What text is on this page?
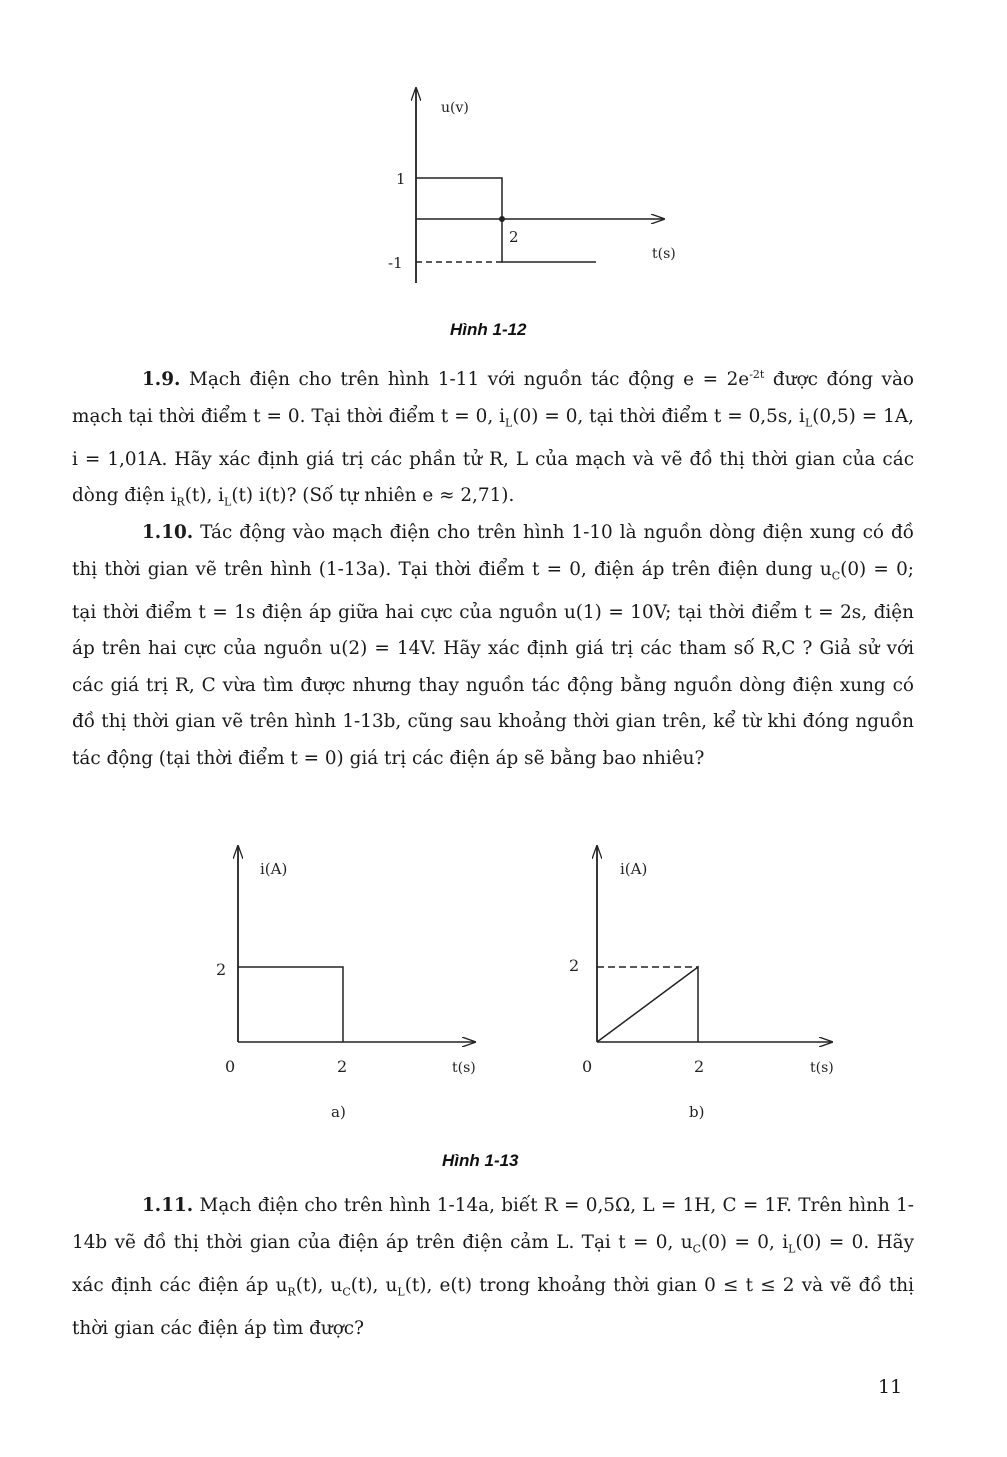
u(v)
1
-1
2
t(s)
Hình 1-12

1.9. Mạch điện cho trên hình 1-11 với nguồn tác động $e = 2e^{-2t}$ được đóng vào mạch tại thời điểm t = 0. Tại thời điểm t = 0, $i_L(0) = 0$, tại thời điểm t = 0,5s, $i_L(0,5) = 1A$, i = 1,01A. Hãy xác định giá trị các phần tử R, L của mạch và vẽ đồ thị thời gian của các dòng điện $i_R(t)$, $i_L(t)$ i(t)? (Số tự nhiên e ≈ 2,71).

1.10. Tác động vào mạch điện cho trên hình 1-10 là nguồn dòng điện xung có đồ thị thời gian vẽ trên hình (1-13a). Tại thời điểm t = 0, điện áp trên điện dung $u_C(0) = 0$; tại thời điểm t = 1s điện áp giữa hai cực của nguồn u(1) = 10V; tại thời điểm t = 2s, điện áp trên hai cực của nguồn u(2) = 14V. Hãy xác định giá trị các tham số R,C ? Giả sử với các giá trị R, C vừa tìm được nhưng thay nguồn tác động bằng nguồn dòng điện xung có đồ thị thời gian vẽ trên hình 1-13b, cũng sau khoảng thời gian trên, kể từ khi đóng nguồn tác động (tại thời điểm t = 0) giá trị các điện áp sẽ bằng bao nhiêu?

i(A)
2
0	2	t(s)
a)
i(A)
2
0	2	t(s)
b)
Hình 1-13

1.11. Mạch điện cho trên hình 1-14a, biết R = 0,5Ω, L = 1H, C = 1F. Trên hình 1-14b vẽ đồ thị thời gian của điện áp trên điện cảm L. Tại t = 0, $u_C(0) = 0$, $i_L(0) = 0$. Hãy xác định các điện áp $u_R(t)$, $u_C(t)$, $u_L(t)$, e(t) trong khoảng thời gian 0 ≤ t ≤ 2 và vẽ đồ thị thời gian các điện áp tìm được?

11
